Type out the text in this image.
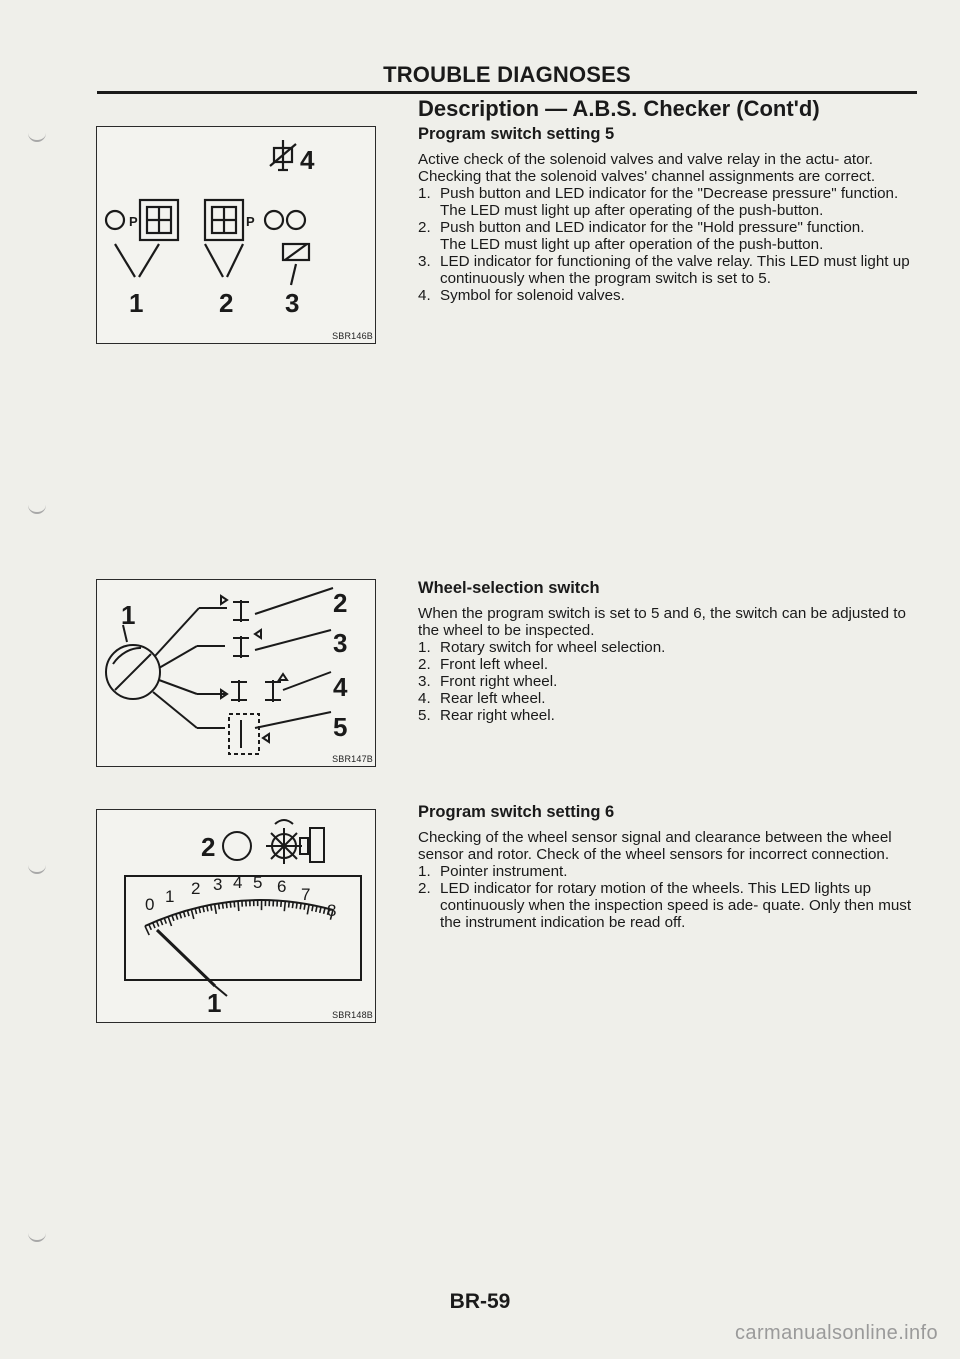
TROUBLE DIAGNOSES
Description — A.B.S. Checker (Cont'd)
Program switch setting 5

Active check of the solenoid valves and valve relay in the actu- ator.

Checking that the solenoid valves' channel assignments are correct.

1. Push button and LED indicator for the "Decrease pressure" function.
The LED must light up after operating of the push-button.
2. Push button and LED indicator for the "Hold pressure" function.
The LED must light up after operation of the push-button.
3. LED indicator for functioning of the valve relay. This LED must light up continuously when the program switch is set to 5.
4. Symbol for solenoid valves.
Wheel-selection switch

When the program switch is set to 5 and 6, the switch can be adjusted to the wheel to be inspected.

1. Rotary switch for wheel selection.
2. Front left wheel.
3. Front right wheel.
4. Rear left wheel.
5. Rear right wheel.
Program switch setting 6

Checking of the wheel sensor signal and clearance between the wheel sensor and rotor. Check of the wheel sensors for incorrect connection.

1. Pointer instrument.
2. LED indicator for rotary motion of the wheels. This LED lights up continuously when the inspection speed is ade- quate. Only then must the instrument indication be read off.
P	P
1	2 3
4
SBR146B
1	2
3
4
5
SBR147B
0 1 2 3 4 5 6 7
8
2
1	SBR148B
BR-59
carmanualsonline.info
